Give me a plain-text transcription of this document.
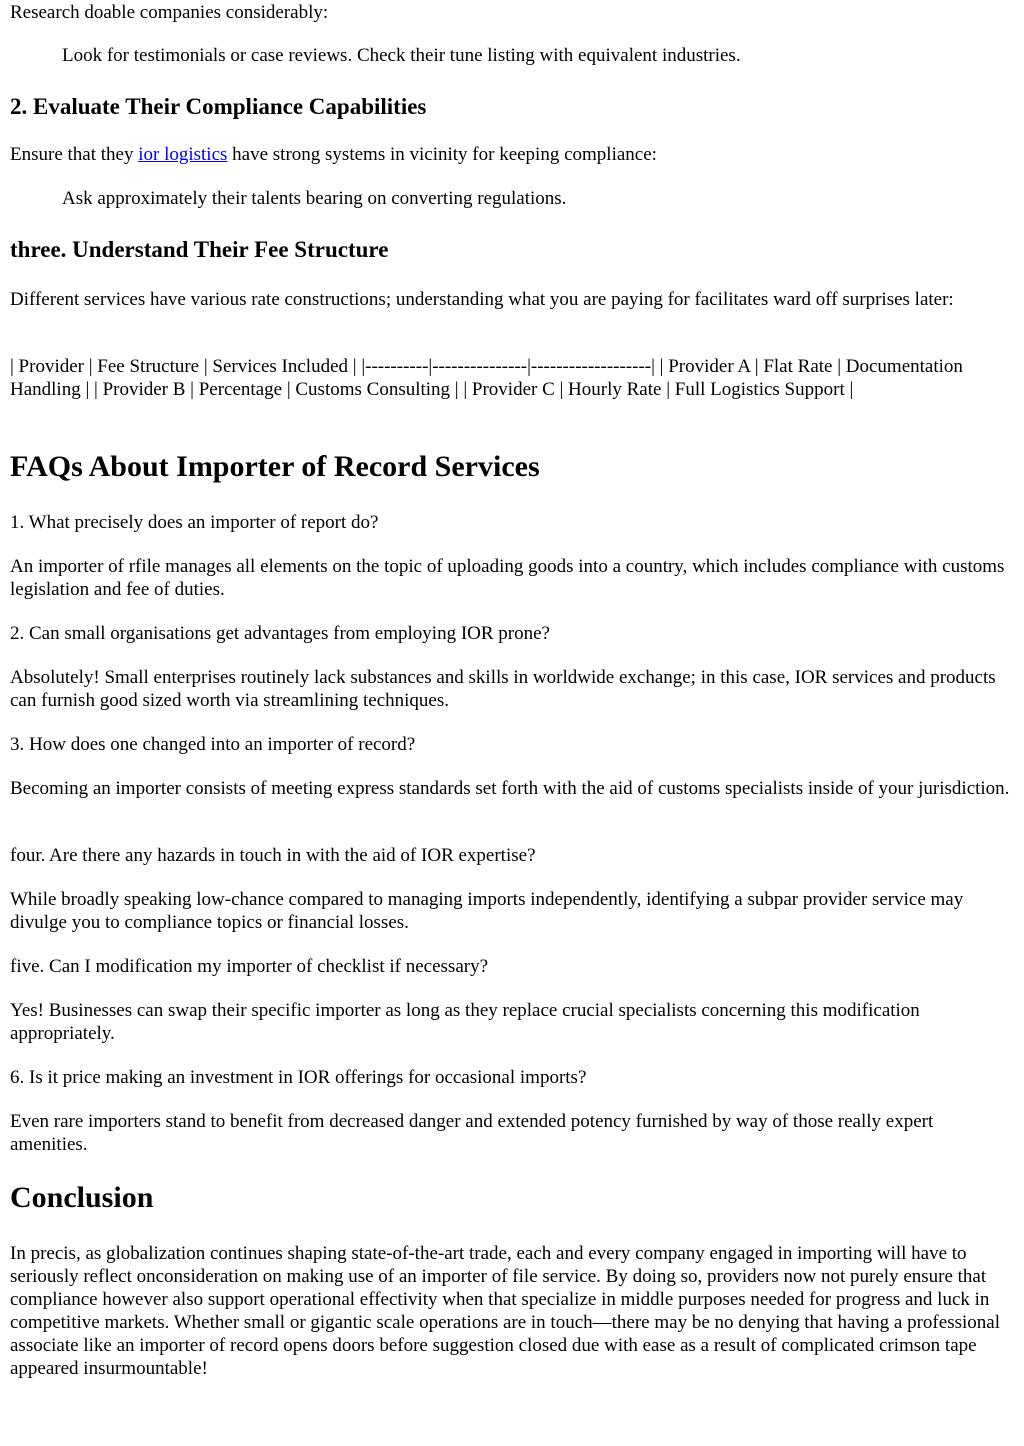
Research doable companies considerably:

Look for testimonials or case reviews. Check their tune listing with equivalent industries.

2. Evaluate Their Compliance Capabilities

Ensure that they ior logistics have strong systems in vicinity for keeping compliance:

Ask approximately their talents bearing on converting regulations.

three. Understand Their Fee Structure

Different services have various rate constructions; understanding what you are paying for facilitates ward off surprises later:

| Provider | Fee Structure | Services Included | |----------|---------------|-------------------| | Provider A | Flat Rate | Documentation Handling | | Provider B | Percentage | Customs Consulting | | Provider C | Hourly Rate | Full Logistics Support |

FAQs About Importer of Record Services

1. What precisely does an importer of report do?

An importer of rfile manages all elements on the topic of uploading goods into a country, which includes compliance with customs legislation and fee of duties.

2. Can small organisations get advantages from employing IOR prone?

Absolutely! Small enterprises routinely lack substances and skills in worldwide exchange; in this case, IOR services and products can furnish good sized worth via streamlining techniques.

3. How does one changed into an importer of record?

Becoming an importer consists of meeting express standards set forth with the aid of customs specialists inside of your jurisdiction.

four. Are there any hazards in touch in with the aid of IOR expertise?

While broadly speaking low-chance compared to managing imports independently, identifying a subpar provider service may divulge you to compliance topics or financial losses.

five. Can I modification my importer of checklist if necessary?

Yes! Businesses can swap their specific importer as long as they replace crucial specialists concerning this modification appropriately.

6. Is it price making an investment in IOR offerings for occasional imports?

Even rare importers stand to benefit from decreased danger and extended potency furnished by way of those really expert amenities.

Conclusion

In precis, as globalization continues shaping state-of-the-art trade, each and every company engaged in importing will have to seriously reflect onconsideration on making use of an importer of file service. By doing so, providers now not purely ensure that compliance however also support operational effectivity when that specialize in middle purposes needed for progress and luck in competitive markets. Whether small or gigantic scale operations are in touch—there may be no denying that having a professional associate like an importer of record opens doors before suggestion closed due with ease as a result of complicated crimson tape appeared insurmountable!
